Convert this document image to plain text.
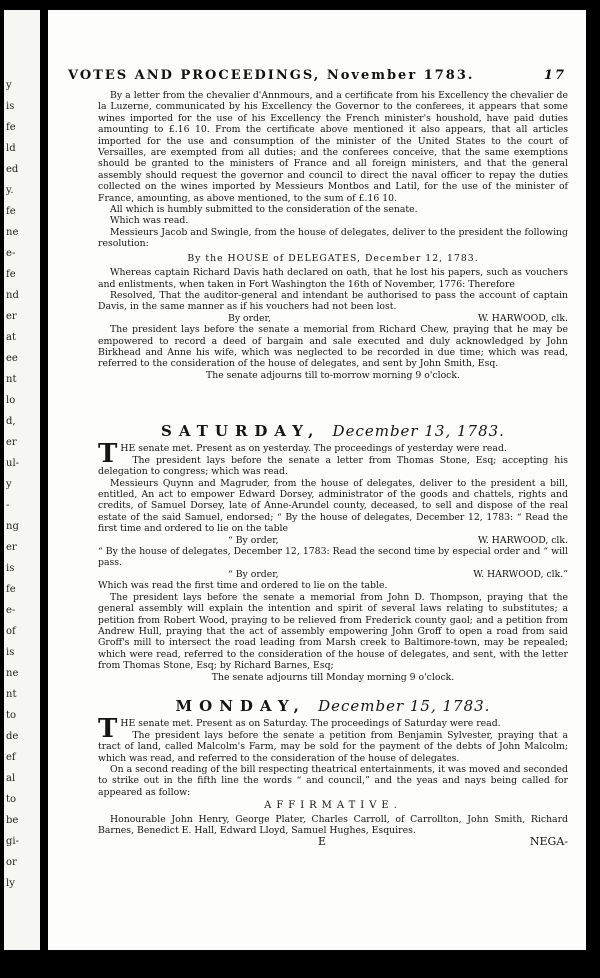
y
is
fe
ld
ed
y.
fe
ne
e-
fe
nd
er
at
ee
nt
lo
d,
er
ul-
y
-
ng
er
is
fe
e-
of
is
ne
nt
to
de
ef
al
to
be
gi-
or
ly
VOTES AND PROCEEDINGS, November 1783.	17

By a letter from the chevalier d'Annmours, and a certificate from his Excellency the chevalier de la Luzerne, communicated by his Excellency the Governor to the conferees, it appears that some wines imported for the use of his Excellency the French minister's houshold, have paid duties amounting to £.16 10. From the certificate above mentioned it also appears, that all articles imported for the use and consumption of the minister of the United States to the court of Versailles, are exempted from all duties; and the conferees conceive, that the same exemptions should be granted to the ministers of France and all foreign ministers, and that the general assembly should request the governor and council to direct the naval officer to repay the duties collected on the wines imported by Messieurs Montbos and Latil, for the use of the minister of France, amounting, as above mentioned, to the sum of £.16 10.

All which is humbly submitted to the consideration of the senate.

Which was read.

Messieurs Jacob and Swingle, from the house of delegates, deliver to the president the following resolution:

By the HOUSE of DELEGATES, December 12, 1783.

Whereas captain Richard Davis hath declared on oath, that he lost his papers, such as vouchers and enlistments, when taken in Fort Washington the 16th of November, 1776: Therefore

Resolved, That the auditor-general and intendant be authorised to pass the account of captain Davis, in the same manner as if his vouchers had not been lost.

By order,	W. HARWOOD, clk.

The president lays before the senate a memorial from Richard Chew, praying that he may be empowered to record a deed of bargain and sale executed and duly acknowledged by John Birkhead and Anne his wife, which was neglected to be recorded in due time; which was read, referred to the consideration of the house of delegates, and sent by John Smith, Esq.

The senate adjourns till to-morrow morning 9 o'clock.

SATURDAY, December 13, 1783.

THE senate met. Present as on yesterday. The proceedings of yesterday were read.

The president lays before the senate a letter from Thomas Stone, Esq; accepting his delegation to congress; which was read.

Messieurs Quynn and Magruder, from the house of delegates, deliver to the president a bill, entitled, An act to empower Edward Dorsey, administrator of the goods and chattels, rights and credits, of Samuel Dorsey, late of Anne-Arundel county, deceased, to sell and dispose of the real estate of the said Samuel, endorsed; “ By the house of delegates, December 12, 1783: “ Read the first time and ordered to lie on the table

“ By order,	W. HARWOOD, clk.

“ By the house of delegates, December 12, 1783: Read the second time by especial order and “ will pass.

“ By order,	W. HARWOOD, clk.”

Which was read the first time and ordered to lie on the table.

The president lays before the senate a memorial from John D. Thompson, praying that the general assembly will explain the intention and spirit of several laws relating to substitutes; a petition from Robert Wood, praying to be relieved from Frederick county gaol; and a petition from Andrew Hull, praying that the act of assembly empowering John Groff to open a road from said Groff's mill to intersect the road leading from Marsh creek to Baltimore-town, may be repealed; which were read, referred to the consideration of the house of delegates, and sent, with the letter from Thomas Stone, Esq; by Richard Barnes, Esq;

The senate adjourns till Monday morning 9 o'clock.

MONDAY, December 15, 1783.

THE senate met. Present as on Saturday. The proceedings of Saturday were read.

The president lays before the senate a petition from Benjamin Sylvester, praying that a tract of land, called Malcolm's Farm, may be sold for the payment of the debts of John Malcolm; which was read, and referred to the consideration of the house of delegates.

On a second reading of the bill respecting theatrical entertainments, it was moved and seconded to strike out in the fifth line the words “ and council,” and the yeas and nays being called for appeared as follow:

AFFIRMATIVE.

Honourable John Henry, George Plater, Charles Carroll, of Carrollton, John Smith, Richard Barnes, Benedict E. Hall, Edward Lloyd, Samuel Hughes, Esquires.

E	NEGA-
